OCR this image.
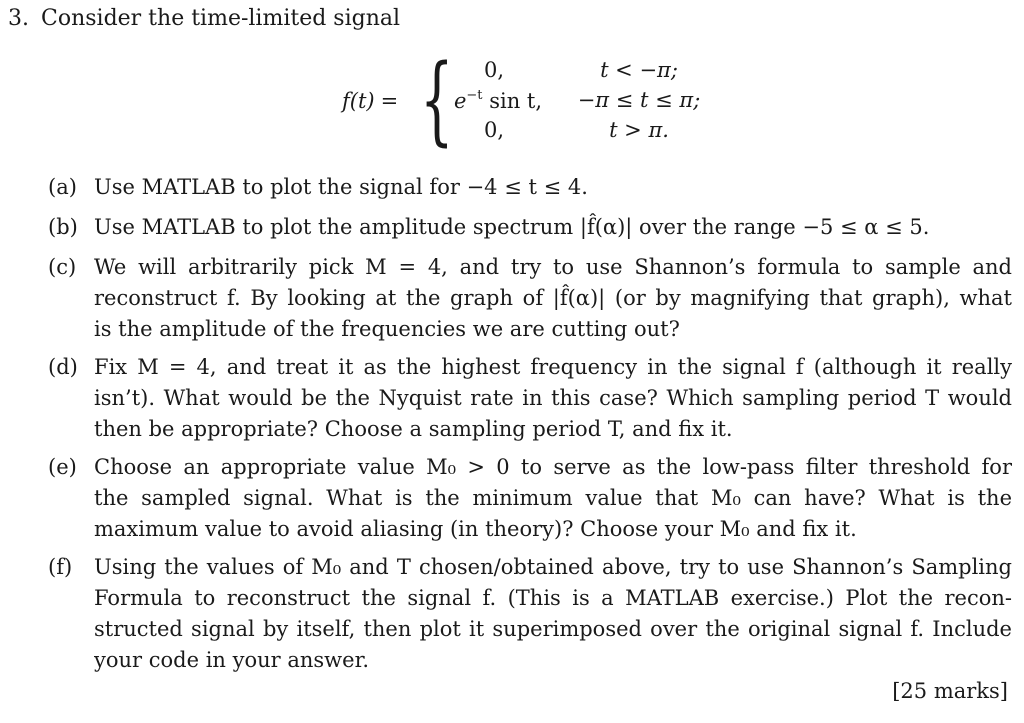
3. Consider the time-limited signal
f(t) = {	0,	t < −π;
$e^{-t}$ sin t,	−π ≤ t ≤ π;
0,	t > π.
(a) Use MATLAB to plot the signal for −4 ≤ t ≤ 4.
(b) Use MATLAB to plot the amplitude spectrum |f̂(α)| over the range −5 ≤ α ≤ 5.
(c) We will arbitrarily pick M = 4, and try to use Shannon’s formula to sample and
reconstruct f. By looking at the graph of |f̂(α)| (or by magnifying that graph), what
is the amplitude of the frequencies we are cutting out?
(d) Fix M = 4, and treat it as the highest frequency in the signal f (although it really
isn’t). What would be the Nyquist rate in this case? Which sampling period T would
then be appropriate? Choose a sampling period T, and fix it.
(e) Choose an appropriate value M₀ > 0 to serve as the low-pass filter threshold for
the sampled signal. What is the minimum value that M₀ can have? What is the
maximum value to avoid aliasing (in theory)? Choose your M₀ and fix it.
(f) Using the values of M₀ and T chosen/obtained above, try to use Shannon’s Sampling
Formula to reconstruct the signal f. (This is a MATLAB exercise.) Plot the recon-
structed signal by itself, then plot it superimposed over the original signal f. Include
your code in your answer.
[25 marks]
